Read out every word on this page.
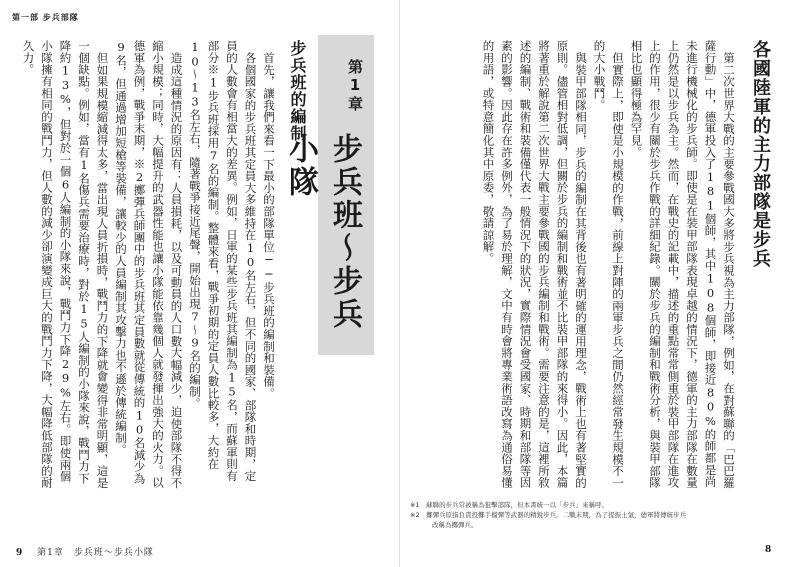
第一部 步兵部隊
各國陸軍的主力部隊是步兵

第二次世界大戰的主要參戰國大多將步兵視為主力部隊，例如，在對蘇聯的「巴巴羅薩行動」中，德軍投入了181個師，其中108個師，即接近80%的師都是尚未進行機械化的步兵師。即使是在裝甲部隊表現卓越的情況下，德軍的主力部隊在數量上仍然是以步兵為主。然而，在戰史的記載中，描述的重點常常側重於裝甲部隊在進攻上的作用，很少有關於步兵作戰的詳細紀錄。關於步兵的編制和戰術分析，與裝甲部隊相比也顯得極為罕見。

但實際上，即使是小規模的作戰，前線上對陣的兩軍步兵之間仍然經常發生規模不一的大小戰鬥。

與裝甲部隊相同，步兵的編制在其背後也有著明確的運用理念，戰術上也有著堅實的原則。儘管相對低調，但關於步兵的編制和戰術並不比裝甲部隊的來得小。因此，本篇將著重於解說第二次世界大戰主要參戰國的步兵編制和戰術。需要注意的是，這裡所敘述的編制、戰術和裝備僅代表一般情況下的狀況，實際情況會受國家、時期和部隊等因素的影響。因此存在許多例外，為了易於理解，文中有時會將專業術語改寫為通俗易懂的用語，或特意簡化其中原委，敬請諒解。

※1　蘇聯的步兵常被稱為狙擊部隊，但本書統一以「步兵」來稱呼。
※2　擲彈兵原指負責投擲手榴彈等武器的精銳步兵。二戰末期，為了提振士氣，德軍將傳統步兵
改稱為擲彈兵。
第1章
步兵班～步兵小隊
步兵班的編制

首先，讓我們來看一下最小的部隊單位──步兵班的編制和裝備。

各個國家的步兵班其定員大多維持在10名左右，但不同的國家、部隊和時期，定員的人數會有相當大的差異。例如，日軍的某些步兵班其編制為15名，而蘇軍則有部分※1步兵班採用7名的編制。整體來看，戰爭初期的定員人數比較多，大約在10～13名左右，隨著戰爭接近尾聲，開始出現7～9名的編制。

造成這種情況的原因有：人員損耗，以及可動員的人口數大幅減少，迫使部隊不得不縮小規模；同時，大幅提升的武器性能也讓小隊能依靠幾個人就發揮出強大的火力。以德軍為例，戰爭末期，※2擲彈兵師團中的步兵班其定員數就從傳統的10名減少為9名，但通過增加短槍等裝備，讓較少的人員編制其攻擊力也不遜於傳統編制。

但如果規模縮減得太多，當出現人員折損時，戰鬥力的下降就會變得非常明顯，這是一個缺點。例如，當有1名傷兵需要治療時，對於15人編制的小隊來說，戰鬥力下降約13%，但對於一個6人編制的小隊來說，戰鬥力下降29%左右。即使兩個小隊擁有相同的戰鬥力，但人數的減少卻演變成巨大的戰鬥力下降，大幅降低部隊的耐久力。

9 第1章　步兵班～步兵小隊	8
